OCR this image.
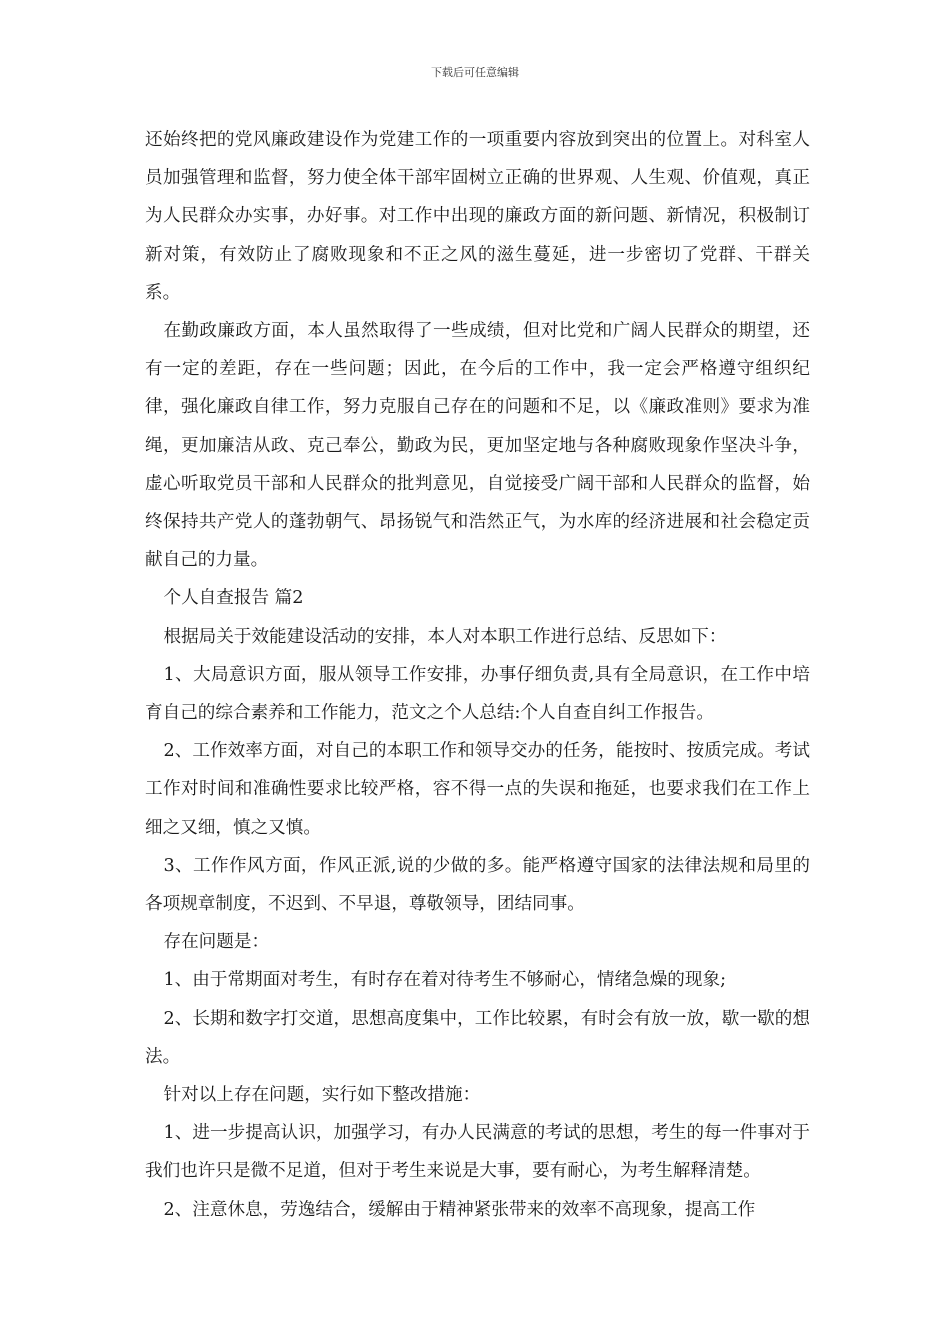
下载后可任意编辑

还始终把的党风廉政建设作为党建工作的一项重要内容放到突出的位置上。对科室人员加强管理和监督，努力使全体干部牢固树立正确的世界观、人生观、价值观，真正为人民群众办实事，办好事。对工作中出现的廉政方面的新问题、新情况，积极制订新对策，有效防止了腐败现象和不正之风的滋生蔓延，进一步密切了党群、干群关系。

在勤政廉政方面，本人虽然取得了一些成绩，但对比党和广阔人民群众的期望，还有一定的差距，存在一些问题；因此，在今后的工作中，我一定会严格遵守组织纪律，强化廉政自律工作，努力克服自己存在的问题和不足，以《廉政准则》要求为准绳，更加廉洁从政、克己奉公，勤政为民，更加坚定地与各种腐败现象作坚决斗争，虚心听取党员干部和人民群众的批判意见，自觉接受广阔干部和人民群众的监督，始终保持共产党人的蓬勃朝气、昂扬锐气和浩然正气，为水库的经济进展和社会稳定贡献自己的力量。

个人自查报告 篇2

根据局关于效能建设活动的安排，本人对本职工作进行总结、反思如下：

1、大局意识方面，服从领导工作安排，办事仔细负责,具有全局意识，在工作中培育自己的综合素养和工作能力，范文之个人总结:个人自查自纠工作报告。

2、工作效率方面，对自己的本职工作和领导交办的任务，能按时、按质完成。考试工作对时间和准确性要求比较严格，容不得一点的失误和拖延，也要求我们在工作上细之又细，慎之又慎。

3、工作作风方面，作风正派,说的少做的多。能严格遵守国家的法律法规和局里的各项规章制度，不迟到、不早退，尊敬领导，团结同事。

存在问题是：

1、由于常期面对考生，有时存在着对待考生不够耐心，情绪急燥的现象;

2、长期和数字打交道，思想高度集中，工作比较累，有时会有放一放，歇一歇的想法。

针对以上存在问题，实行如下整改措施：

1、进一步提高认识，加强学习，有办人民满意的考试的思想，考生的每一件事对于我们也许只是微不足道，但对于考生来说是大事，要有耐心，为考生解释清楚。

2、注意休息，劳逸结合，缓解由于精神紧张带来的效率不高现象，提高工作
